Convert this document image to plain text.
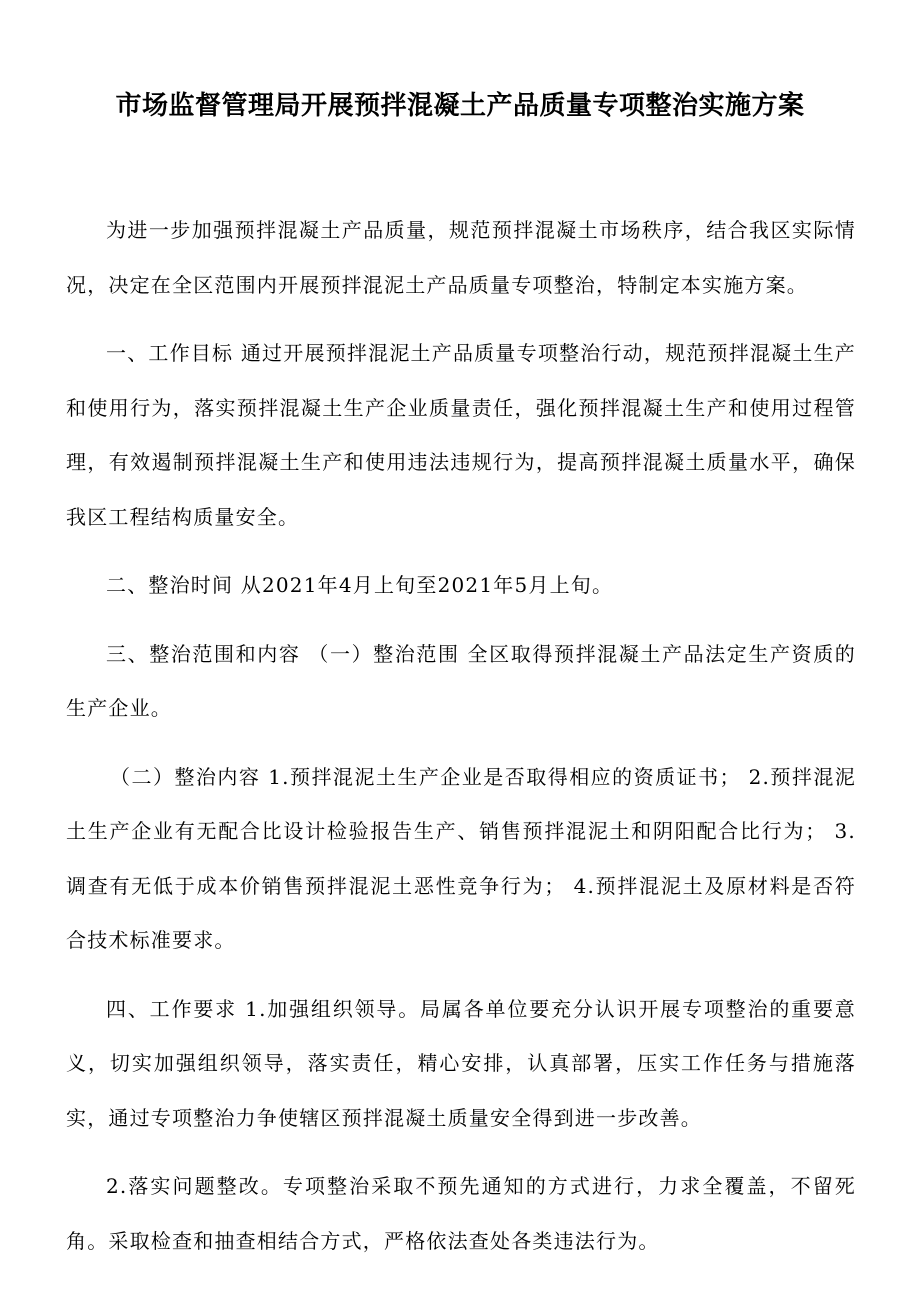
市场监督管理局开展预拌混凝土产品质量专项整治实施方案

为进一步加强预拌混凝土产品质量，规范预拌混凝土市场秩序，结合我区实际情况，决定在全区范围内开展预拌混泥土产品质量专项整治，特制定本实施方案。

一、工作目标 通过开展预拌混泥土产品质量专项整治行动，规范预拌混凝土生产和使用行为，落实预拌混凝土生产企业质量责任，强化预拌混凝土生产和使用过程管理，有效遏制预拌混凝土生产和使用违法违规行为，提高预拌混凝土质量水平，确保我区工程结构质量安全。

二、整治时间 从2021年4月上旬至2021年5月上旬。

三、整治范围和内容 （一）整治范围 全区取得预拌混凝土产品法定生产资质的生产企业。

（二）整治内容 1.预拌混泥土生产企业是否取得相应的资质证书； 2.预拌混泥土生产企业有无配合比设计检验报告生产、销售预拌混泥土和阴阳配合比行为； 3.调查有无低于成本价销售预拌混泥土恶性竞争行为； 4.预拌混泥土及原材料是否符合技术标准要求。

四、工作要求 1.加强组织领导。局属各单位要充分认识开展专项整治的重要意义，切实加强组织领导，落实责任，精心安排，认真部署，压实工作任务与措施落实，通过专项整治力争使辖区预拌混凝土质量安全得到进一步改善。

2.落实问题整改。专项整治采取不预先通知的方式进行，力求全覆盖，不留死角。采取检查和抽查相结合方式，严格依法查处各类违法行为。
